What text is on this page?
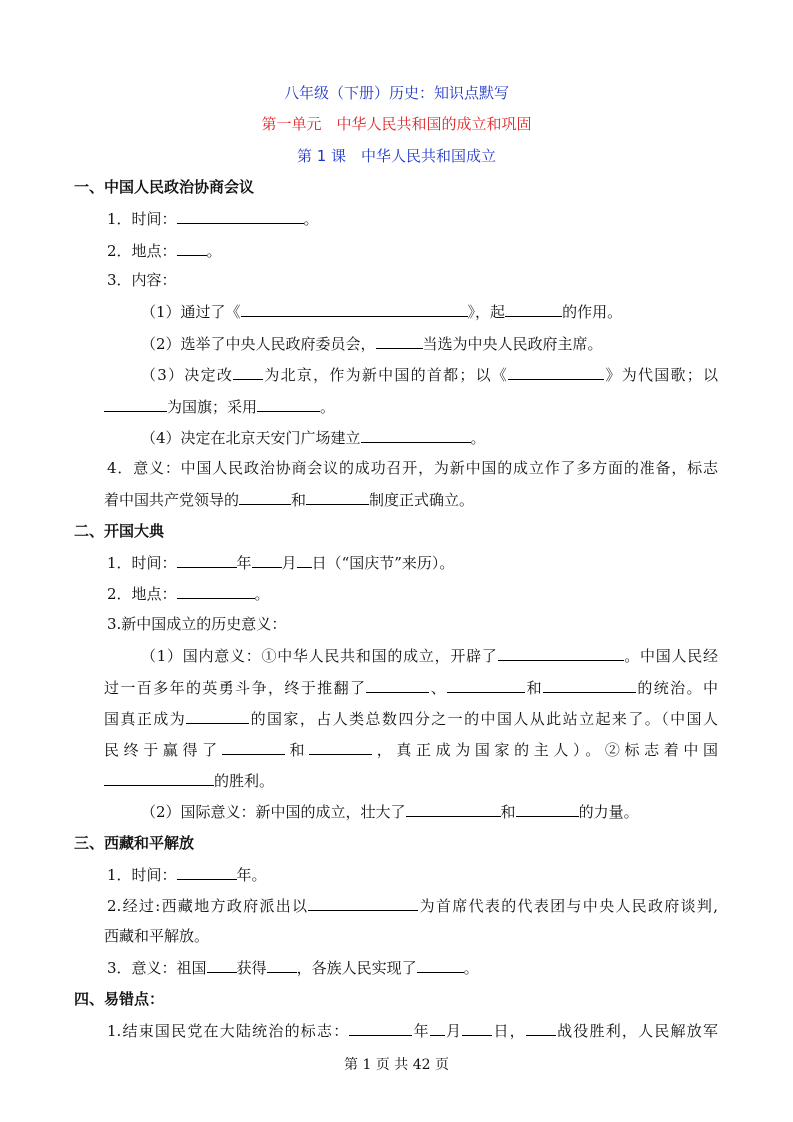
八年级（下册）历史：知识点默写
第一单元　中华人民共和国的成立和巩固
第 1 课　中华人民共和国成立
一、中国人民政治协商会议
1．时间：	。
2．地点： 。
3．内容：
（1）通过了《	》，起	的作用。
（2）选举了中央人民政府委员会，	当选为中央人民政府主席。
（3）决定改 为北京，作为新中国的首都；以《	》为代国歌；以
为国旗；采用	。
（4）决定在北京天安门广场建立	。
4．意义：中国人民政治协商会议的成功召开，为新中国的成立作了多方面的准备，标志
着中国共产党领导的	和	制度正式确立。
二、开国大典
1．时间：	年 月 日（“国庆节”来历）。
2．地点：	。
3.新中国成立的历史意义：
（1）国内意义：①中华人民共和国的成立，开辟了	。中国人民经
过一百多年的英勇斗争，终于推翻了	、	和	的统治。中
国真正成为	的国家，占人类总数四分之一的中国人从此站立起来了。（中国人
民终于赢得了	和	，真正成为国家的主人）。②标志着中国
的胜利。
（2）国际意义：新中国的成立，壮大了	和	的力量。
三、西藏和平解放
1．时间：	年。
2.经过:西藏地方政府派出以	为首席代表的代表团与中央人民政府谈判,
西藏和平解放。
3．意义：祖国 获得 ，各族人民实现了	。
四、易错点：
1.结束国民党在大陆统治的标志：	年 月 日， 战役胜利，人民解放军
第 1 页 共 42 页
